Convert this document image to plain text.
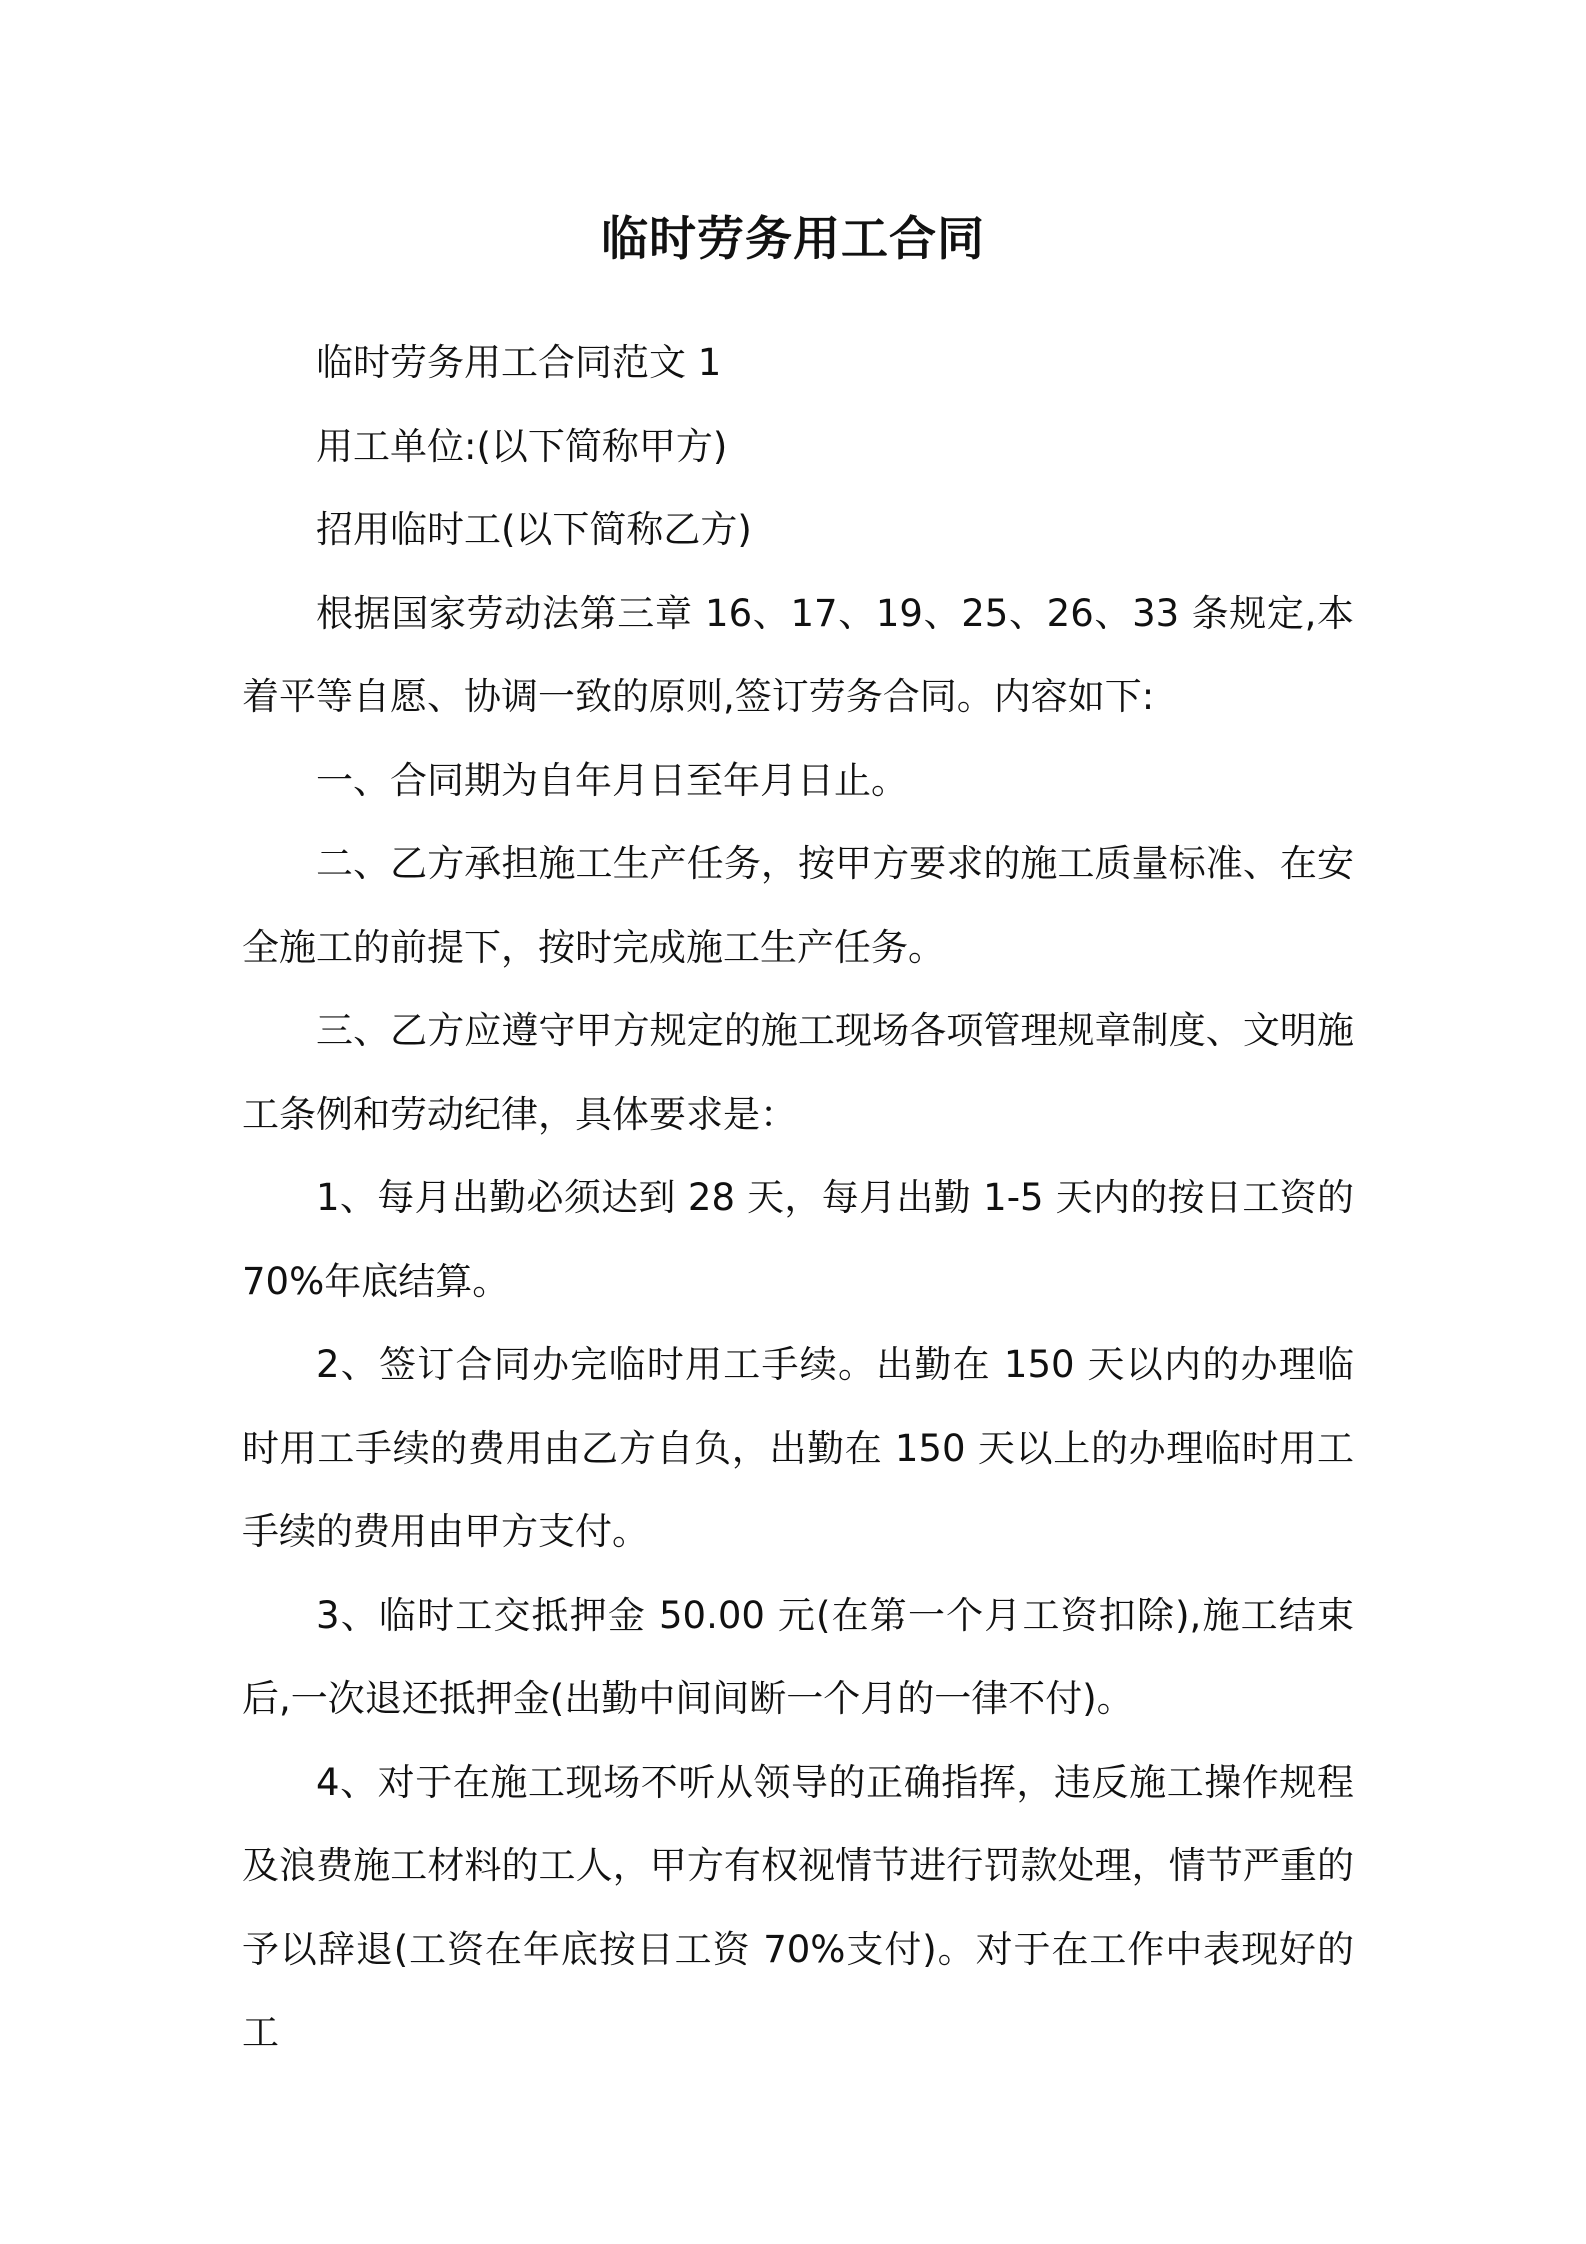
临时劳务用工合同

临时劳务用工合同范文 1

用工单位:(以下简称甲方)

招用临时工(以下简称乙方)

根据国家劳动法第三章 16、17、19、25、26、33 条规定,本着平等自愿、协调一致的原则,签订劳务合同。内容如下:

一、合同期为自年月日至年月日止。

二、乙方承担施工生产任务，按甲方要求的施工质量标准、在安全施工的前提下，按时完成施工生产任务。

三、乙方应遵守甲方规定的施工现场各项管理规章制度、文明施工条例和劳动纪律，具体要求是：

1、每月出勤必须达到 28 天，每月出勤 1-5 天内的按日工资的 70%年底结算。

2、签订合同办完临时用工手续。出勤在 150 天以内的办理临时用工手续的费用由乙方自负，出勤在 150 天以上的办理临时用工手续的费用由甲方支付。

3、临时工交抵押金 50.00 元(在第一个月工资扣除),施工结束后,一次退还抵押金(出勤中间间断一个月的一律不付)。

4、对于在施工现场不听从领导的正确指挥，违反施工操作规程及浪费施工材料的工人，甲方有权视情节进行罚款处理，情节严重的予以辞退(工资在年底按日工资 70%支付)。对于在工作中表现好的工
